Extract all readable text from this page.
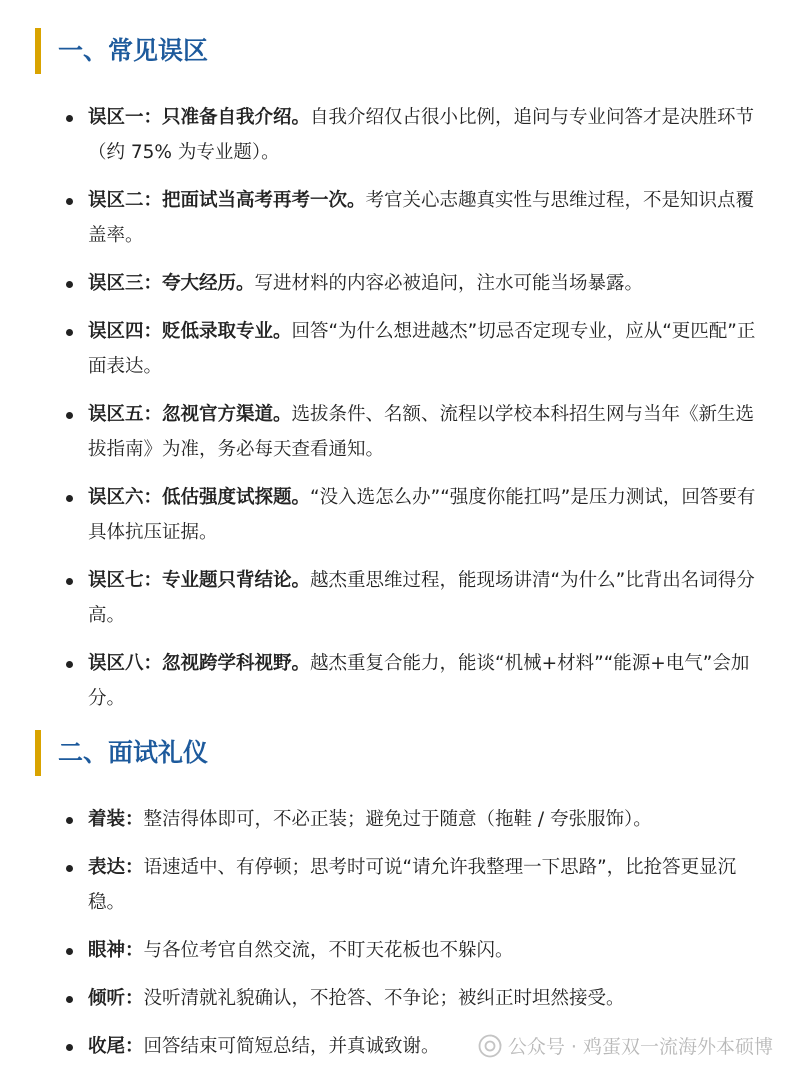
一、常见误区
误区一：只准备自我介绍。自我介绍仅占很小比例，追问与专业问答才是决胜环节（约 75% 为专业题）。
误区二：把面试当高考再考一次。考官关心志趣真实性与思维过程，不是知识点覆盖率。
误区三：夸大经历。写进材料的内容必被追问，注水可能当场暴露。
误区四：贬低录取专业。回答“为什么想进越杰”切忌否定现专业，应从“更匹配”正面表达。
误区五：忽视官方渠道。选拔条件、名额、流程以学校本科招生网与当年《新生选拔指南》为准，务必每天查看通知。
误区六：低估强度试探题。“没入选怎么办”“强度你能扛吗”是压力测试，回答要有具体抗压证据。
误区七：专业题只背结论。越杰重思维过程，能现场讲清“为什么”比背出名词得分高。
误区八：忽视跨学科视野。越杰重复合能力，能谈“机械+材料”“能源+电气”会加分。
二、面试礼仪
着装：整洁得体即可，不必正装；避免过于随意（拖鞋 / 夸张服饰）。
表达：语速适中、有停顿；思考时可说“请允许我整理一下思路”，比抢答更显沉稳。
眼神：与各位考官自然交流，不盯天花板也不躲闪。
倾听：没听清就礼貌确认，不抢答、不争论；被纠正时坦然接受。
收尾：回答结束可简短总结，并真诚致谢。	公众号 · 鸡蛋双一流海外本硕博
